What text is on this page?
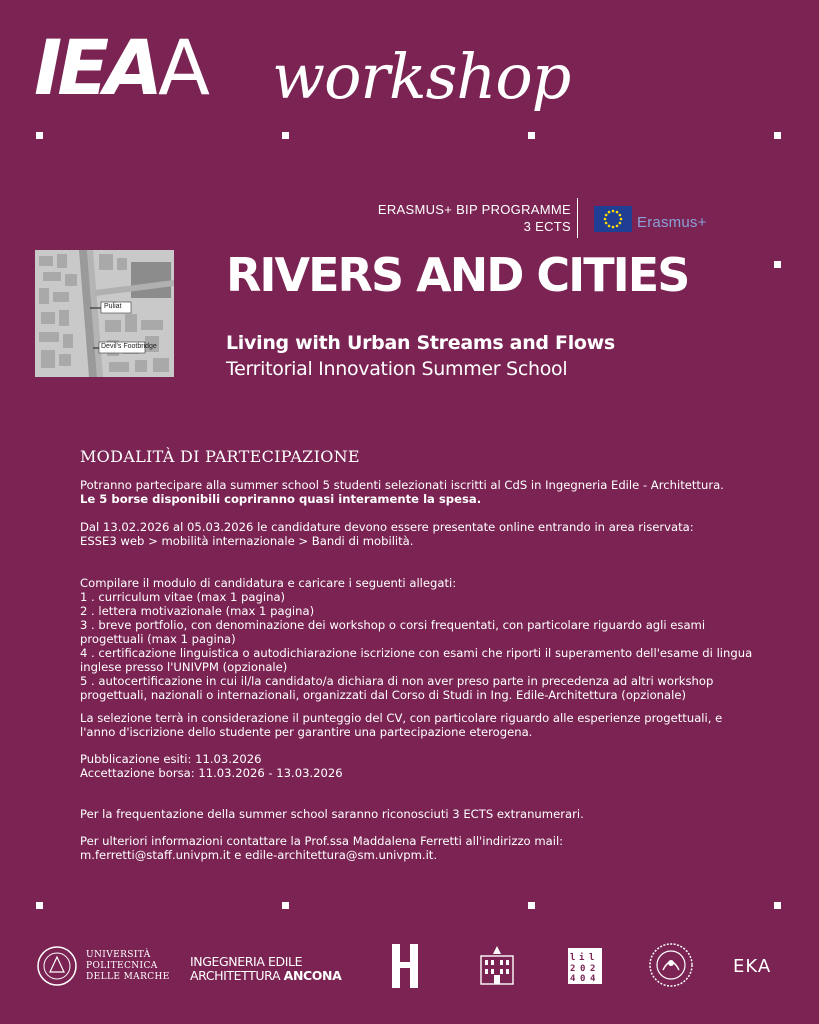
IEAA workshop
ERASMUS+ BIP PROGRAMME
3 ECTS	Erasmus+
Puliat
Devil's Footbridge
RIVERS AND CITIES
Living with Urban Streams and Flows
Territorial Innovation Summer School
MODALITÀ DI PARTECIPAZIONE

Potranno partecipare alla summer school 5 studenti selezionati iscritti al CdS in Ingegneria Edile - Architettura.

Le 5 borse disponibili copriranno quasi interamente la spesa.

Dal 13.02.2026 al 05.03.2026 le candidature devono essere presentate online entrando in area riservata:

ESSE3 web > mobilità internazionale > Bandi di mobilità.

Compilare il modulo di candidatura e caricare i seguenti allegati:

1 . curriculum vitae (max 1 pagina)

2 . lettera motivazionale (max 1 pagina)

3 . breve portfolio, con denominazione dei workshop o corsi frequentati, con particolare riguardo agli esami progettuali (max 1 pagina)

4 . certificazione linguistica o autodichiarazione iscrizione con esami che riporti il superamento dell'esame di lingua inglese presso l'UNIVPM (opzionale)

5 . autocertificazione in cui il/la candidato/a dichiara di non aver preso parte in precedenza ad altri workshop progettuali, nazionali o internazionali, organizzati dal Corso di Studi in Ing. Edile-Architettura (opzionale)

La selezione terrà in considerazione il punteggio del CV, con particolare riguardo alle esperienze progettuali, e l'anno d'iscrizione dello studente per garantire una partecipazione eterogena.

Pubblicazione esiti: 11.03.2026

Accettazione borsa: 11.03.2026 - 13.03.2026

Per la frequentazione della summer school saranno riconosciuti 3 ECTS extranumerari.

Per ulteriori informazioni contattare la Prof.ssa Maddalena Ferretti all'indirizzo mail:

m.ferretti@staff.univpm.it e edile-architettura@sm.univpm.it.

UNIVERSITÀ
POLITECNICA
DELLE MARCHE
INGEGNERIA EDILE
ARCHITETTURA ANCONA
l i l
2 0 2
4 0 4
EKA
